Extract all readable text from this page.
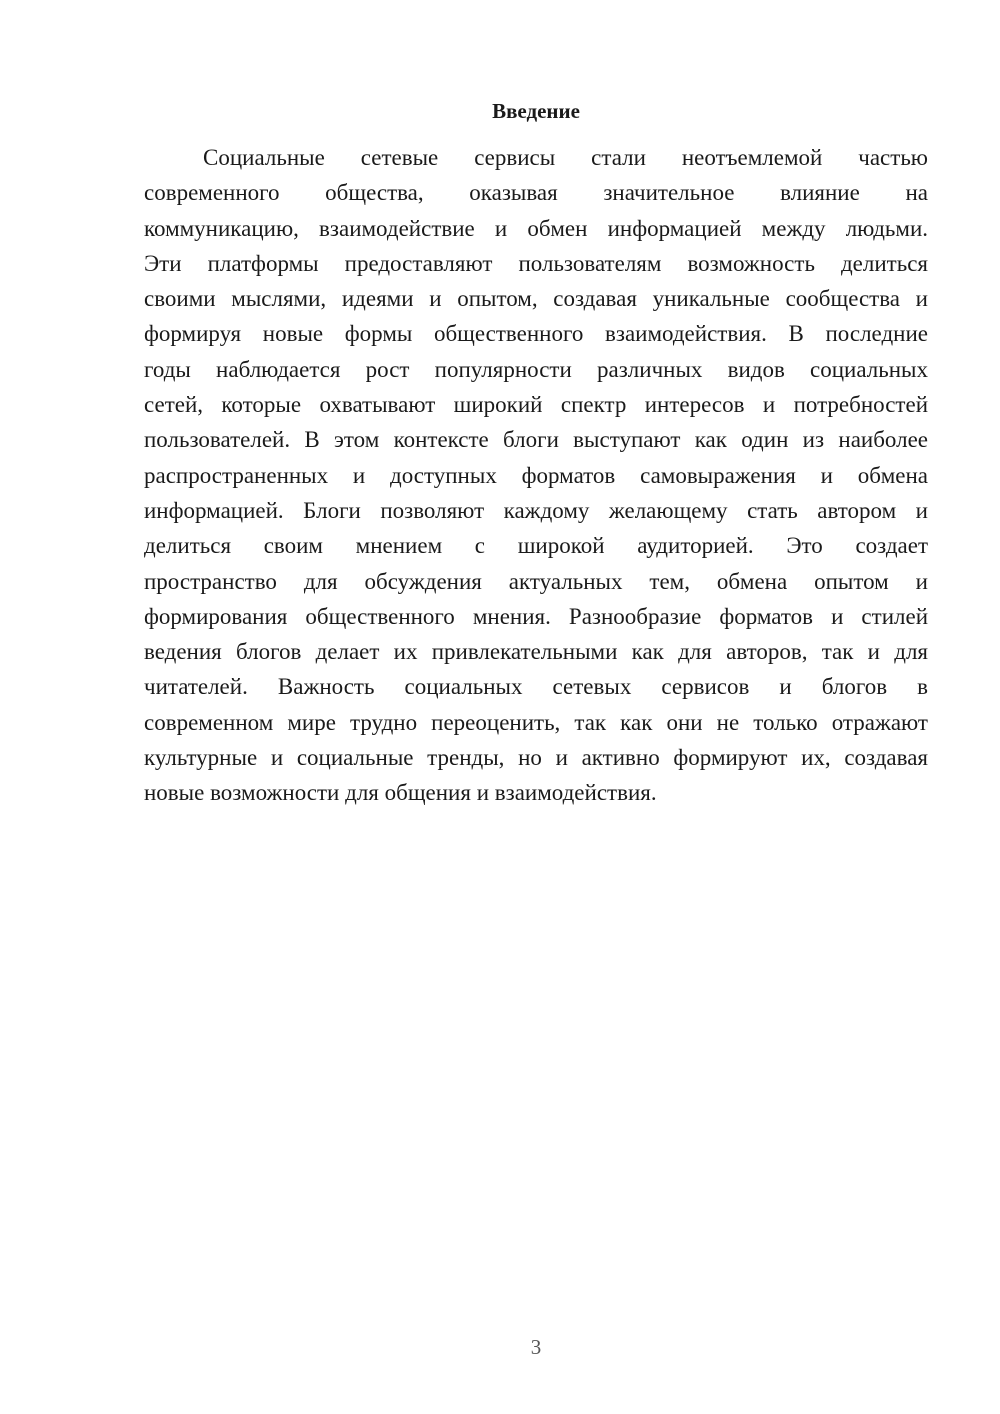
Введение
Социальные сетевые сервисы стали неотъемлемой частью
современного общества, оказывая значительное влияние на
коммуникацию, взаимодействие и обмен информацией между людьми.
Эти платформы предоставляют пользователям возможность делиться
своими мыслями, идеями и опытом, создавая уникальные сообщества и
формируя новые формы общественного взаимодействия. В последние
годы наблюдается рост популярности различных видов социальных
сетей, которые охватывают широкий спектр интересов и потребностей
пользователей. В этом контексте блоги выступают как один из наиболее
распространенных и доступных форматов самовыражения и обмена
информацией. Блоги позволяют каждому желающему стать автором и
делиться своим мнением с широкой аудиторией. Это создает
пространство для обсуждения актуальных тем, обмена опытом и
формирования общественного мнения. Разнообразие форматов и стилей
ведения блогов делает их привлекательными как для авторов, так и для
читателей. Важность социальных сетевых сервисов и блогов в
современном мире трудно переоценить, так как они не только отражают
культурные и социальные тренды, но и активно формируют их, создавая
новые возможности для общения и взаимодействия.
3
